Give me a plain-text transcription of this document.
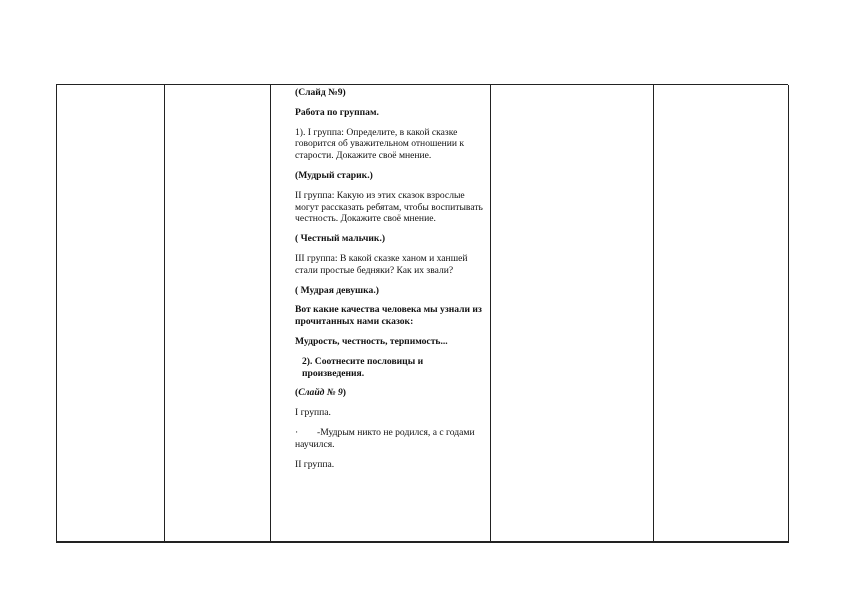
(Слайд №9)

Работа по группам.

1). I группа: Определите, в какой сказке говорится об уважительном отношении к старости. Докажите своё мнение.

(Мудрый старик.)

II группа: Какую из этих сказок взрослые могут рассказать ребятам, чтобы воспитывать честность. Докажите своё мнение.

( Честный мальчик.)

III группа: В какой сказке ханом и ханшей стали простые бедняки? Как их звали?

( Мудрая девушка.)

Вот какие качества человека мы узнали из прочитанных нами сказок:

Мудрость, честность, терпимость...

2). Соотнесите пословицы и произведения.

(Слайд № 9)

I группа.

· -Мудрым никто не родился, а с годами научился.

II группа.
